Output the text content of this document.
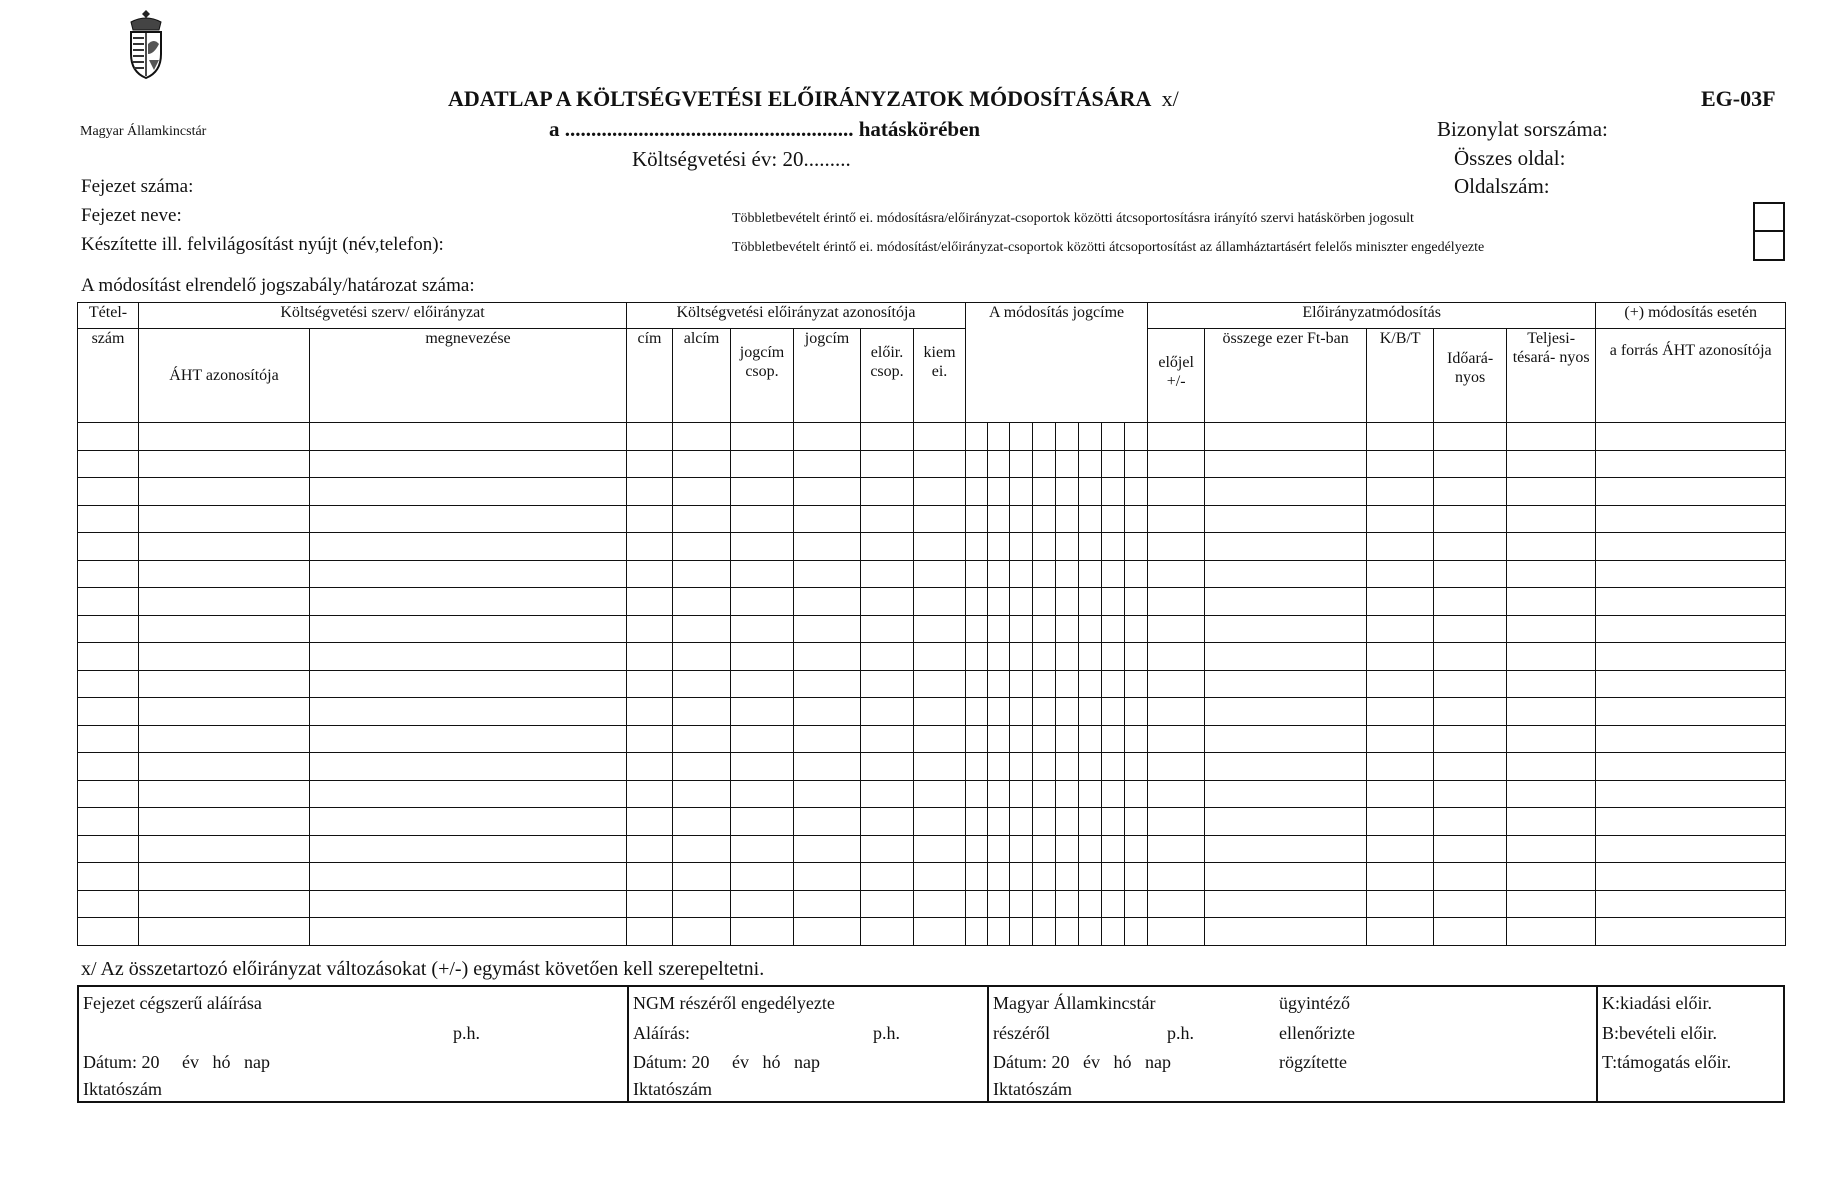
ADATLAP A KÖLTSÉGVETÉSI ELŐIRÁNYZATOK MÓDOSÍTÁSÁRA x/	EG-03F
Magyar Államkincstár	a ....................................................... hatáskörében
Költségvetési év: 20.........
Bizonylat sorszáma:
Összes oldal:
Oldalszám:
Fejezet száma:
Fejezet neve:
Készítette ill. felvilágosítást nyújt (név,telefon):
A módosítást elrendelő jogszabály/határozat száma:
Többletbevételt érintő ei. módosításra/előirányzat-csoportok közötti átcsoportosításra irányító szervi hatáskörben jogosult
Többletbevételt érintő ei. módosítást/előirányzat-csoportok közötti átcsoportosítást az államháztartásért felelős miniszter engedélyezte
Tétel-	Költségvetési szerv/ előirányzat		Költségvetési előirányzat azonosítója						A módosítás jogcíme								Előirányzatmódosítás					(+) módosítás esetén
szám	ÁHT azonosítója	megnevezése	cím	alcím	jogcím csop.	jogcím	előir. csop.	kiem ei.									előjel +/-	összege ezer Ft-ban	K/B/T	Időará- nyos	Teljesi- tésará- nyos	a forrás ÁHT azonosítója

x/ Az összetartozó előirányzat változásokat (+/-) egymást követően kell szerepeltetni.
Fejezet cégszerű aláírása
p.h.
Dátum: 20     év   hó   nap
Iktatószám
NGM részéről engedélyezte
Aláírás:	p.h.
Dátum: 20     év   hó   nap
Iktatószám
Magyar Államkincstár
részéről	p.h.
Dátum: 20   év   hó   nap
Iktatószám
ügyintéző
ellenőrizte
rögzítette
K:kiadási előir.
B:bevételi előir.
T:támogatás előir.
